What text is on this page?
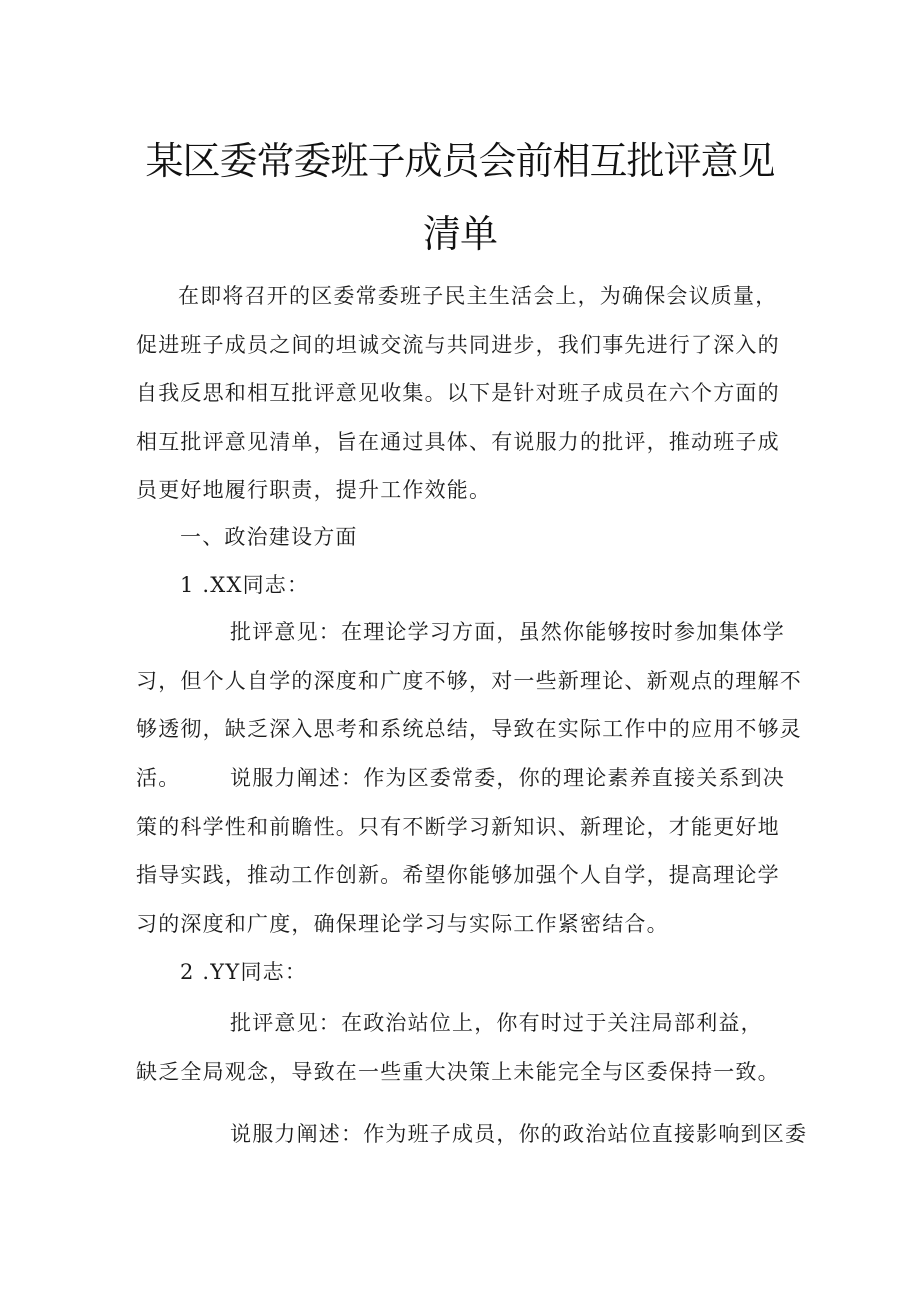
某区委常委班子成员会前相互批评意见
清单
在即将召开的区委常委班子民主生活会上，为确保会议质量，促进班子成员之间的坦诚交流与共同进步，我们事先进行了深入的自我反思和相互批评意见收集。以下是针对班子成员在六个方面的相互批评意见清单，旨在通过具体、有说服力的批评，推动班子成员更好地履行职责，提升工作效能。
一、政治建设方面
1 .XX同志：
批评意见：在理论学习方面，虽然你能够按时参加集体学习，但个人自学的深度和广度不够，对一些新理论、新观点的理解不够透彻，缺乏深入思考和系统总结，导致在实际工作中的应用不够灵活。	说服力阐述：作为区委常委，你的理论素养直接关系到决策的科学性和前瞻性。只有不断学习新知识、新理论，才能更好地指导实践，推动工作创新。希望你能够加强个人自学，提高理论学习的深度和广度，确保理论学习与实际工作紧密结合。
2 .YY同志：
批评意见：在政治站位上，你有时过于关注局部利益，
缺乏全局观念，导致在一些重大决策上未能完全与区委保持一致。
说服力阐述：作为班子成员，你的政治站位直接影响到区委
